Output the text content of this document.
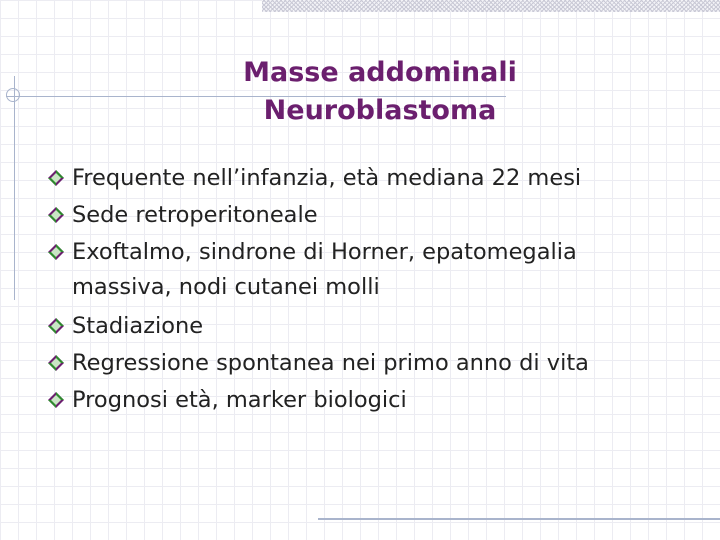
Masse addominali
Neuroblastoma
Frequente nell’infanzia, età mediana 22 mesi
Sede retroperitoneale
Exoftalmo, sindrone di Horner, epatomegalia
massiva, nodi cutanei molli
Stadiazione
Regressione spontanea nei primo anno di vita
Prognosi età, marker biologici
